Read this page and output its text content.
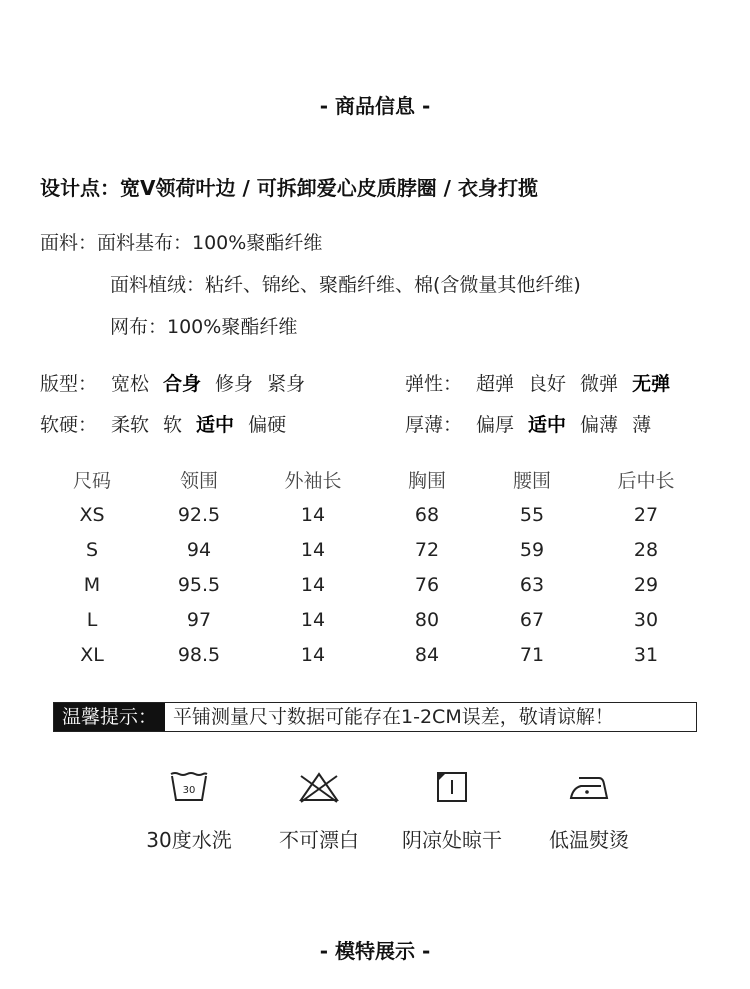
- 商品信息 -
设计点：宽V领荷叶边 / 可拆卸爱心皮质脖圈 / 衣身打揽
面料：面料基布：100%聚酯纤维
面料植绒：粘纤、锦纶、聚酯纤维、棉(含微量其他纤维)
网布：100%聚酯纤维
版型： 宽松 合身 修身 紧身	弹性： 超弹 良好 微弹 无弹
软硬： 柔软 软 适中 偏硬	厚薄： 偏厚 适中 偏薄 薄
尺码	领围	外袖长	胸围	腰围	后中长
XS	92.5	14	68	55	27
S	94	14	72	59	28
M	95.5	14	76	63	29
L	97	14	80	67	30
XL	98.5	14	84	71	31
温馨提示： 平铺测量尺寸数据可能存在1-2CM误差，敬请谅解！
30
30度水洗	不可漂白	阴凉处晾干	低温熨烫
- 模特展示 -
